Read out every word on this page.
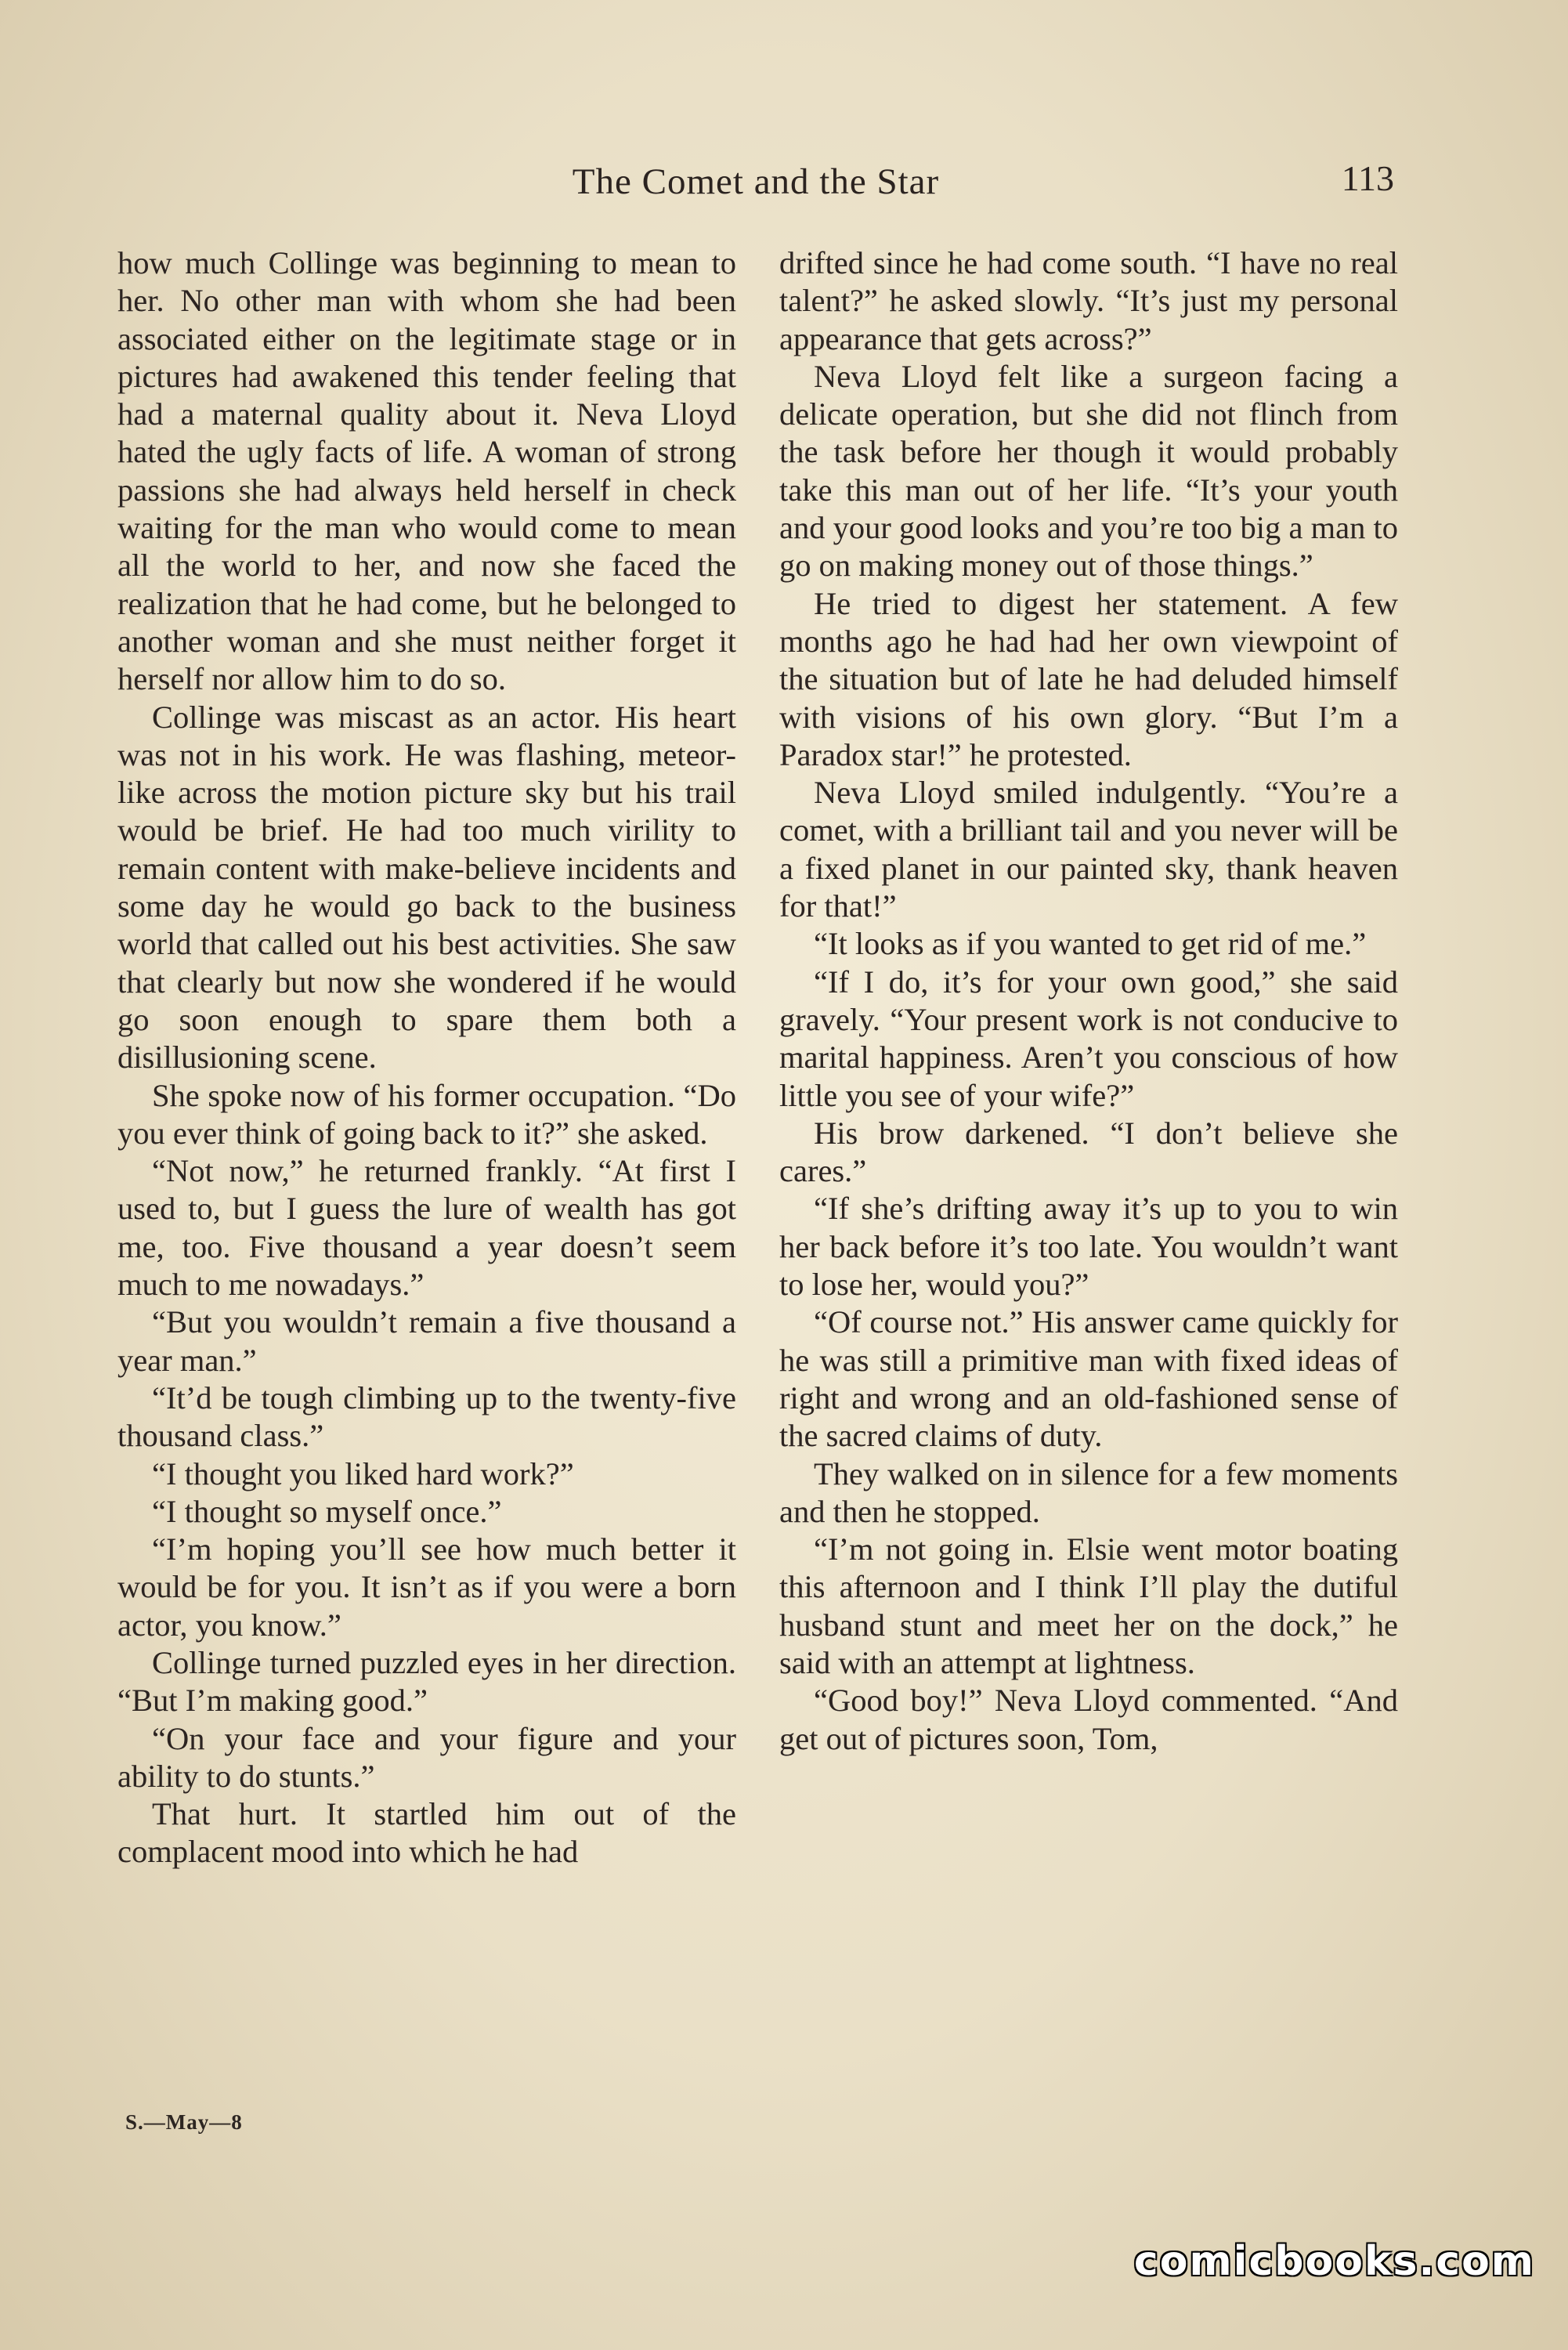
The Comet and the Star	113

how much Collinge was beginning to mean to her. No other man with whom she had been associated either on the legitimate stage or in pictures had awakened this tender feeling that had a maternal quality about it. Neva Lloyd hated the ugly facts of life. A woman of strong passions she had always held herself in check waiting for the man who would come to mean all the world to her, and now she faced the realization that he had come, but he belonged to another woman and she must neither forget it herself nor allow him to do so.

Collinge was miscast as an actor. His heart was not in his work. He was flashing, meteor-like across the motion picture sky but his trail would be brief. He had too much virility to remain content with make-believe incidents and some day he would go back to the business world that called out his best activities. She saw that clearly but now she wondered if he would go soon enough to spare them both a disillusioning scene.

She spoke now of his former occupation. “Do you ever think of going back to it?” she asked.

“Not now,” he returned frankly. “At first I used to, but I guess the lure of wealth has got me, too. Five thousand a year doesn’t seem much to me nowadays.”

“But you wouldn’t remain a five thousand a year man.”

“It’d be tough climbing up to the twenty-five thousand class.”

“I thought you liked hard work?”

“I thought so myself once.”

“I’m hoping you’ll see how much better it would be for you. It isn’t as if you were a born actor, you know.”

Collinge turned puzzled eyes in her direction. “But I’m making good.”

“On your face and your figure and your ability to do stunts.”

That hurt. It startled him out of the complacent mood into which he had

drifted since he had come south. “I have no real talent?” he asked slowly. “It’s just my personal appearance that gets across?”

Neva Lloyd felt like a surgeon facing a delicate operation, but she did not flinch from the task before her though it would probably take this man out of her life. “It’s your youth and your good looks and you’re too big a man to go on making money out of those things.”

He tried to digest her statement. A few months ago he had had her own viewpoint of the situation but of late he had deluded himself with visions of his own glory. “But I’m a Paradox star!” he protested.

Neva Lloyd smiled indulgently. “You’re a comet, with a brilliant tail and you never will be a fixed planet in our painted sky, thank heaven for that!”

“It looks as if you wanted to get rid of me.”

“If I do, it’s for your own good,” she said gravely. “Your present work is not conducive to marital happiness. Aren’t you conscious of how little you see of your wife?”

His brow darkened. “I don’t believe she cares.”

“If she’s drifting away it’s up to you to win her back before it’s too late. You wouldn’t want to lose her, would you?”

“Of course not.” His answer came quickly for he was still a primitive man with fixed ideas of right and wrong and an old-fashioned sense of the sacred claims of duty.

They walked on in silence for a few moments and then he stopped.

“I’m not going in. Elsie went motor boating this afternoon and I think I’ll play the dutiful husband stunt and meet her on the dock,” he said with an attempt at lightness.

“Good boy!” Neva Lloyd commented. “And get out of pictures soon, Tom,

S.—May—8
comicbooks.com
